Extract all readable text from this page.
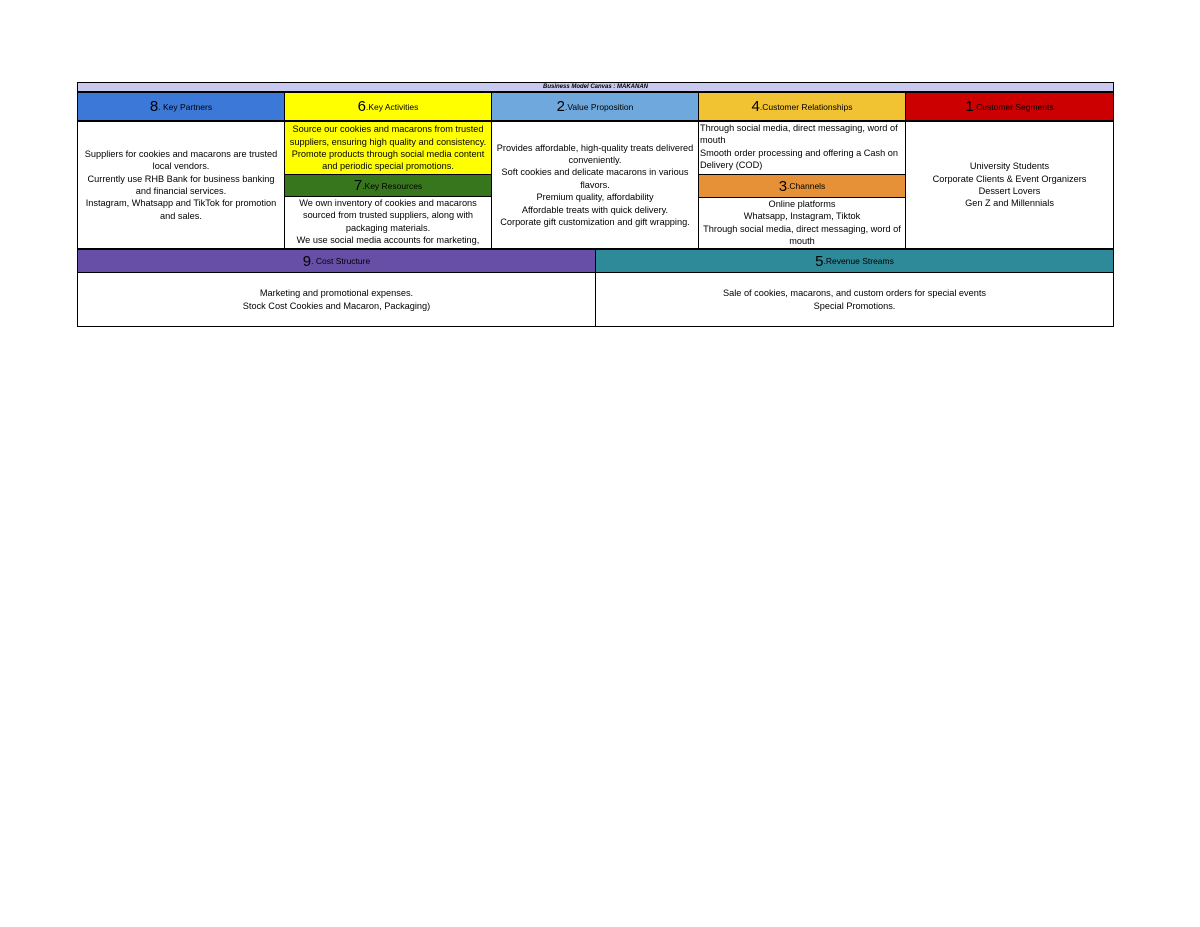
Business Model Canvas : MAKANAN
8 . Key Partners

Suppliers for cookies and macarons are trusted local vendors.

Currently use RHB Bank for business banking and financial services.

Instagram, Whatsapp and TikTok for promotion and sales.

6 .Key Activities

Source our cookies and macarons from trusted suppliers, ensuring high quality and consistency.

Promote products through social media content and periodic special promotions.

7 .Key Resources

We own inventory of cookies and macarons sourced from trusted suppliers, along with packaging materials.

We use social media accounts for marketing,

2 .Value Proposition

Provides affordable, high-quality treats delivered conveniently.

Soft cookies and delicate macarons in various flavors.

Premium quality, affordability

Affordable treats with quick delivery.

Corporate gift customization and gift wrapping.

4 .Customer Relationships

Through social media, direct messaging, word of mouth

Smooth order processing and offering a Cash on Delivery (COD)

3 .Channels

Online platforms

Whatsapp, Instagram, Tiktok

Through social media, direct messaging, word of mouth

1 .Customer Segments

University Students

Corporate Clients & Event Organizers

Dessert Lovers

Gen Z and Millennials

9 . Cost Structure

Marketing and promotional expenses.

Stock Cost Cookies and Macaron, Packaging)

5 .Revenue Streams

Sale of cookies, macarons, and custom orders for special events

Special Promotions.
